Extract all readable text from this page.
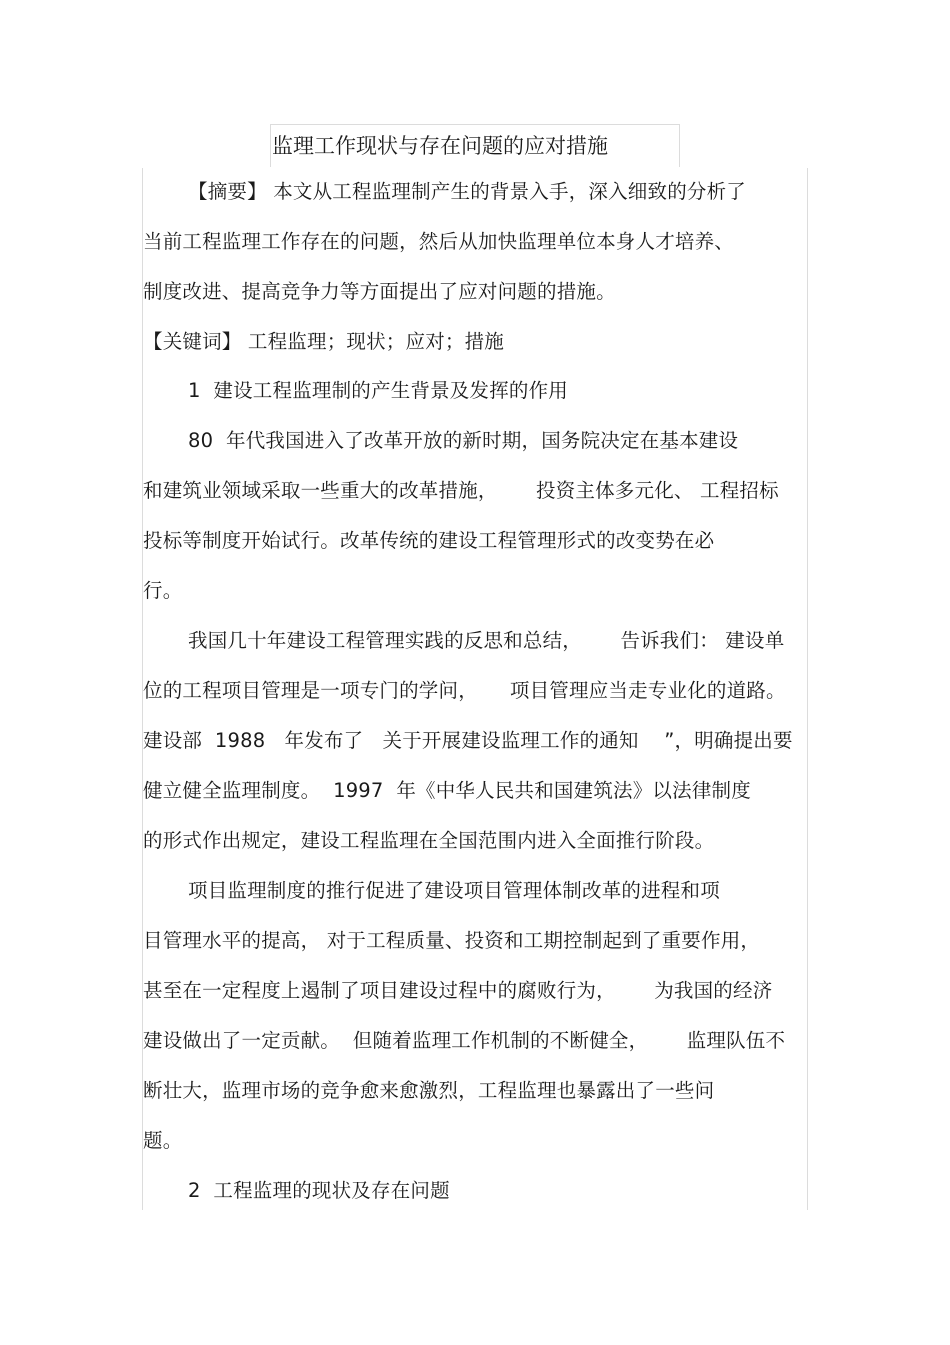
监理工作现状与存在问题的应对措施
【摘要】 本文从工程监理制产生的背景入手，深入细致的分析了
当前工程监理工作存在的问题，然后从加快监理单位本身人才培养、
制度改进、提高竞争力等方面提出了应对问题的措施。
【关键词】 工程监理；现状；应对；措施
1  建设工程监理制的产生背景及发挥的作用
80  年代我国进入了改革开放的新时期，国务院决定在基本建设
和建筑业领域采取一些重大的改革措施，      投资主体多元化、 工程招标
投标等制度开始试行。改革传统的建设工程管理形式的改变势在必
行。
我国几十年建设工程管理实践的反思和总结，      告诉我们： 建设单
位的工程项目管理是一项专门的学问，     项目管理应当走专业化的道路。
建设部  1988   年发布了   关于开展建设监理工作的通知    ”，明确提出要
健立健全监理制度。  1997  年《中华人民共和国建筑法》以法律制度
的形式作出规定，建设工程监理在全国范围内进入全面推行阶段。
项目监理制度的推行促进了建设项目管理体制改革的进程和项
目管理水平的提高， 对于工程质量、投资和工期控制起到了重要作用，
甚至在一定程度上遏制了项目建设过程中的腐败行为，      为我国的经济
建设做出了一定贡献。  但随着监理工作机制的不断健全，      监理队伍不
断壮大，监理市场的竞争愈来愈激烈，工程监理也暴露出了一些问
题。
2  工程监理的现状及存在问题
